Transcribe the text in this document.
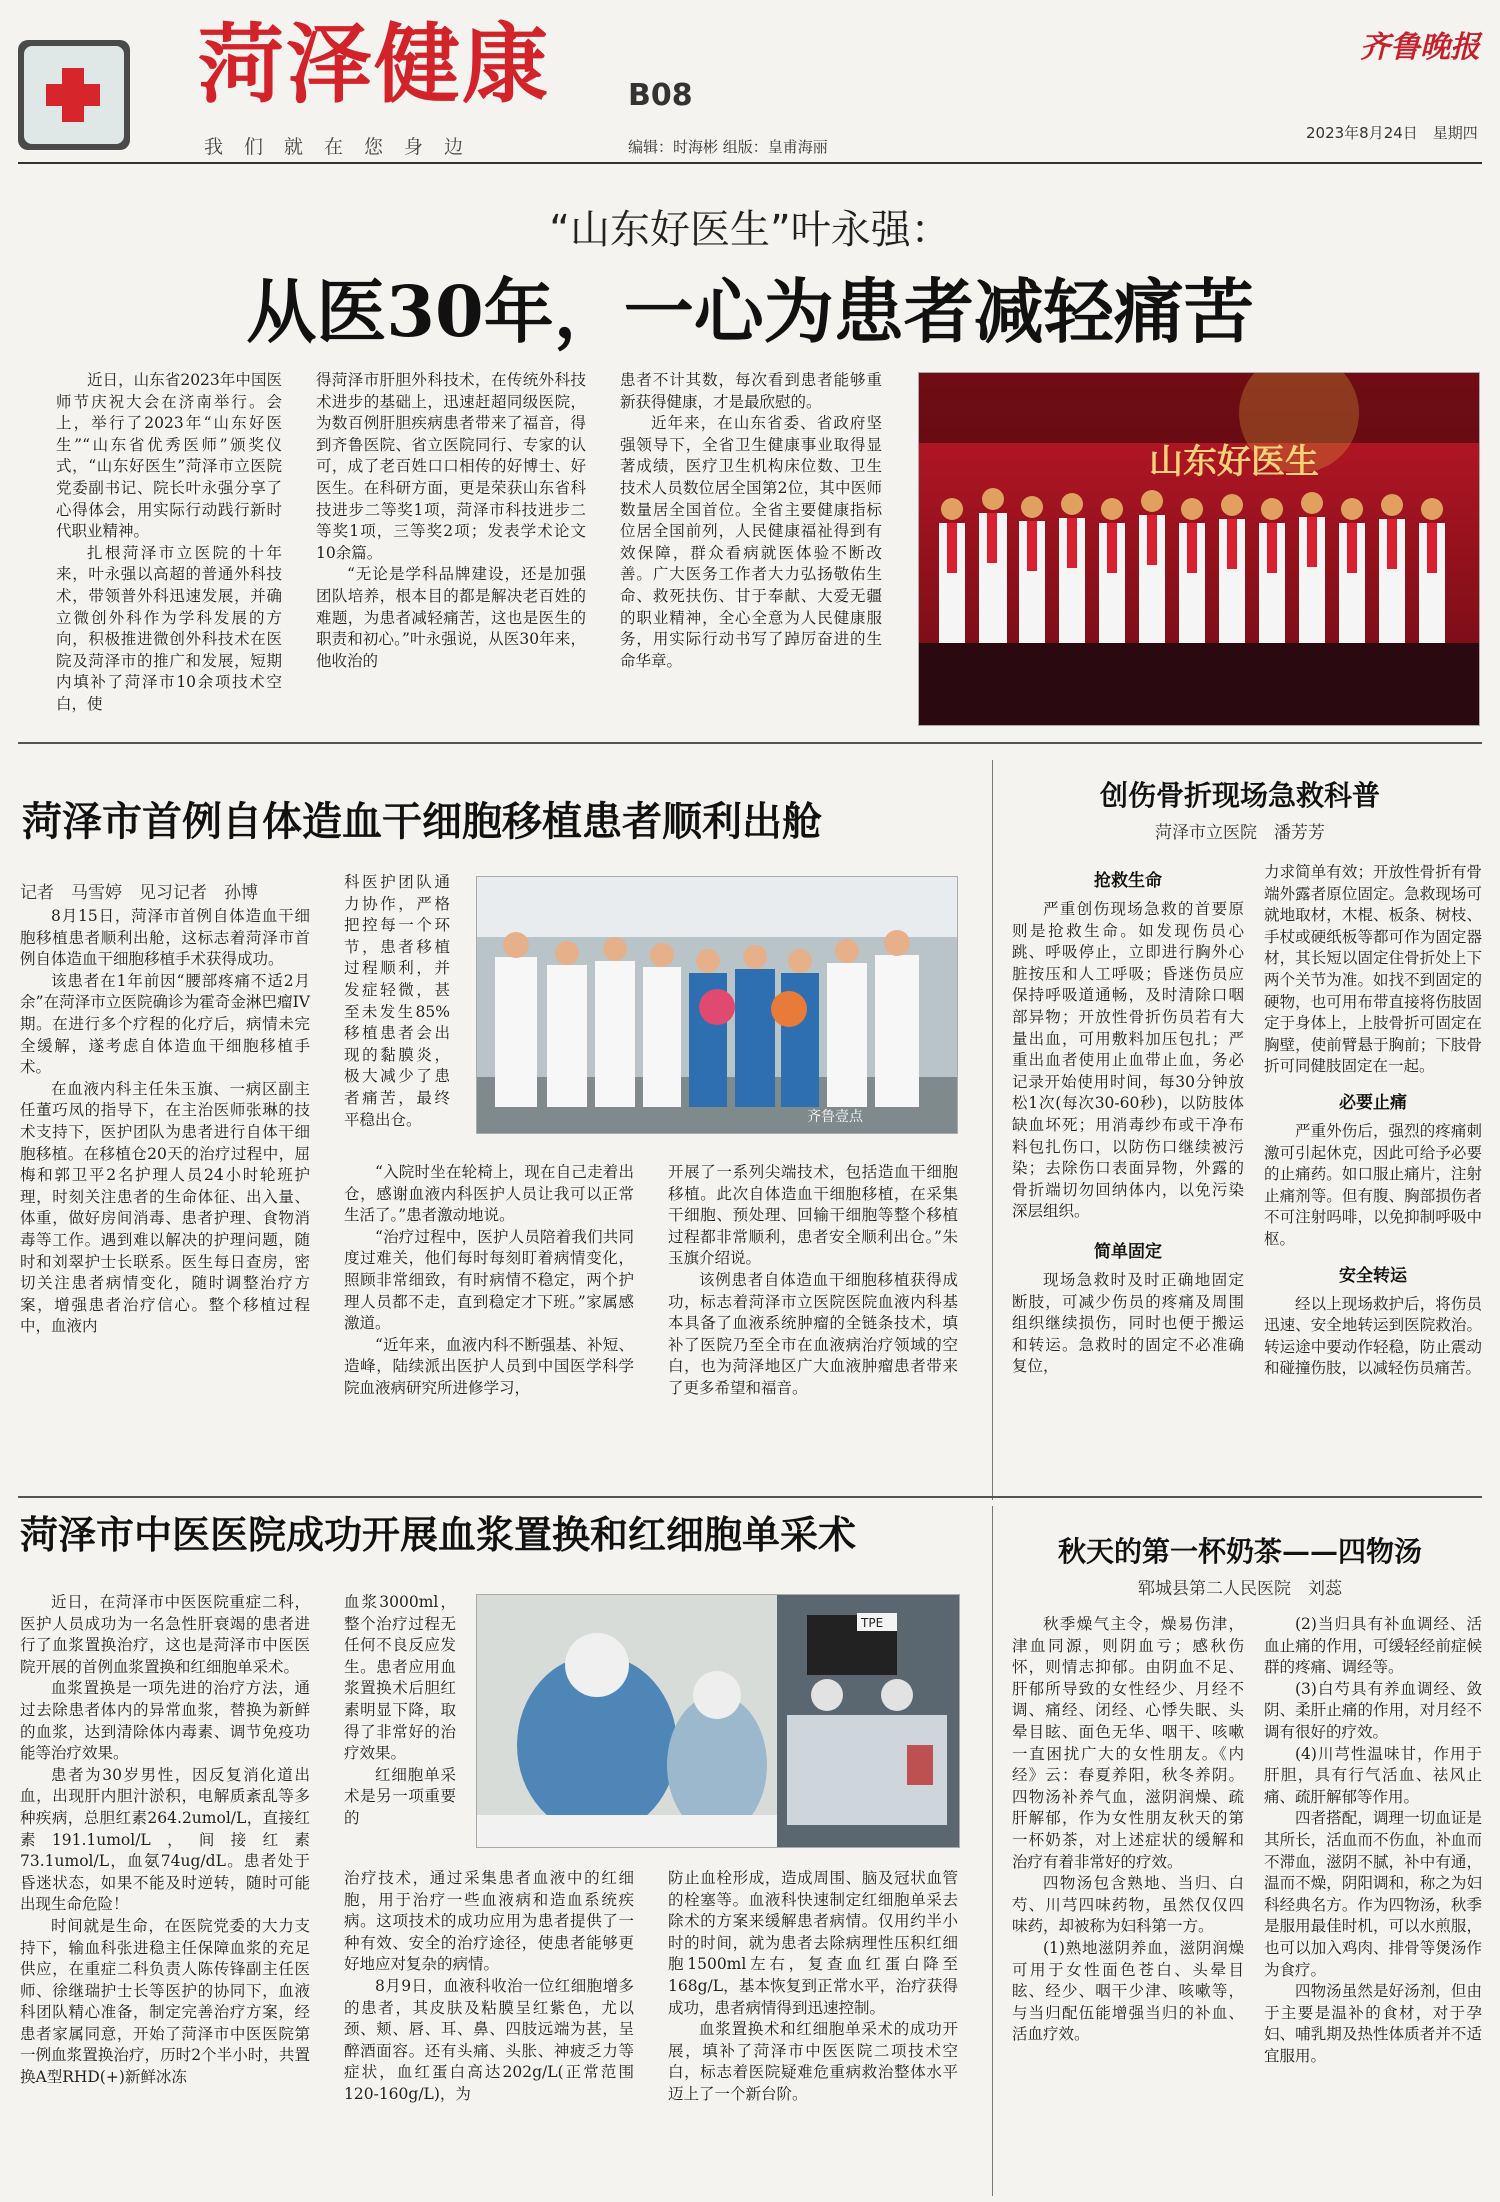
菏泽健康
我们就在您身边
B08
编辑：时海彬 组版：皇甫海丽
齐鲁晚报
2023年8月24日　星期四
“山东好医生”叶永强：
从医30年，一心为患者减轻痛苦

近日，山东省2023年中国医师节庆祝大会在济南举行。会上，举行了2023年“山东好医生”“山东省优秀医师”颁奖仪式，“山东好医生”菏泽市立医院党委副书记、院长叶永强分享了心得体会，用实际行动践行新时代职业精神。

扎根菏泽市立医院的十年来，叶永强以高超的普通外科技术，带领普外科迅速发展，并确立微创外科作为学科发展的方向，积极推进微创外科技术在医院及菏泽市的推广和发展，短期内填补了菏泽市10余项技术空白，使

得菏泽市肝胆外科技术，在传统外科技术进步的基础上，迅速赶超同级医院，为数百例肝胆疾病患者带来了福音，得到齐鲁医院、省立医院同行、专家的认可，成了老百姓口口相传的好博士、好医生。在科研方面，更是荣获山东省科技进步二等奖1项，菏泽市科技进步二等奖1项，三等奖2项；发表学术论文10余篇。

“无论是学科品牌建设，还是加强团队培养，根本目的都是解决老百姓的难题，为患者减轻痛苦，这也是医生的职责和初心。”叶永强说，从医30年来，他收治的

患者不计其数，每次看到患者能够重新获得健康，才是最欣慰的。

近年来，在山东省委、省政府坚强领导下，全省卫生健康事业取得显著成绩，医疗卫生机构床位数、卫生技术人员数位居全国第2位，其中医师数量居全国首位。全省主要健康指标位居全国前列，人民健康福祉得到有效保障，群众看病就医体验不断改善。广大医务工作者大力弘扬敬佑生命、救死扶伤、甘于奉献、大爱无疆的职业精神，全心全意为人民健康服务，用实际行动书写了踔厉奋进的生命华章。

山东好医生
菏泽市首例自体造血干细胞移植患者顺利出舱
记者　马雪婷　见习记者　孙博

8月15日，菏泽市首例自体造血干细胞移植患者顺利出舱，这标志着菏泽市首例自体造血干细胞移植手术获得成功。

该患者在1年前因“腰部疼痛不适2月余”在菏泽市立医院确诊为霍奇金淋巴瘤IV期。在进行多个疗程的化疗后，病情未完全缓解，遂考虑自体造血干细胞移植手术。

在血液内科主任朱玉旗、一病区副主任董巧凤的指导下，在主治医师张琳的技术支持下，医护团队为患者进行自体干细胞移植。在移植仓20天的治疗过程中，屈梅和郭卫平2名护理人员24小时轮班护理，时刻关注患者的生命体征、出入量、体重，做好房间消毒、患者护理、食物消毒等工作。遇到难以解决的护理问题，随时和刘翠护士长联系。医生每日查房，密切关注患者病情变化，随时调整治疗方案，增强患者治疗信心。整个移植过程中，血液内

科医护团队通力协作，严格把控每一个环节，患者移植过程顺利，并发症轻微，甚至未发生85%移植患者会出现的黏膜炎，极大减少了患者痛苦，最终平稳出仓。	齐鲁壹点

“入院时坐在轮椅上，现在自己走着出仓，感谢血液内科医护人员让我可以正常生活了。”患者激动地说。

“治疗过程中，医护人员陪着我们共同度过难关，他们每时每刻盯着病情变化，照顾非常细致，有时病情不稳定，两个护理人员都不走，直到稳定才下班。”家属感激道。

“近年来，血液内科不断强基、补短、造峰，陆续派出医护人员到中国医学科学院血液病研究所进修学习，

开展了一系列尖端技术，包括造血干细胞移植。此次自体造血干细胞移植，在采集干细胞、预处理、回输干细胞等整个移植过程都非常顺利，患者安全顺利出仓。”朱玉旗介绍说。

该例患者自体造血干细胞移植获得成功，标志着菏泽市立医院医院血液内科基本具备了血液系统肿瘤的全链条技术，填补了医院乃至全市在血液病治疗领域的空白，也为菏泽地区广大血液肿瘤患者带来了更多希望和福音。

创伤骨折现场急救科普
菏泽市立医院　潘芳芳
抢救生命

严重创伤现场急救的首要原则是抢救生命。如发现伤员心跳、呼吸停止，立即进行胸外心脏按压和人工呼吸；昏迷伤员应保持呼吸道通畅，及时清除口咽部异物；开放性骨折伤员若有大量出血，可用敷料加压包扎；严重出血者使用止血带止血，务必记录开始使用时间，每30分钟放松1次(每次30-60秒)，以防肢体缺血坏死；用消毒纱布或干净布料包扎伤口，以防伤口继续被污染；去除伤口表面异物，外露的骨折端切勿回纳体内，以免污染深层组织。

简单固定

现场急救时及时正确地固定断肢，可减少伤员的疼痛及周围组织继续损伤，同时也便于搬运和转运。急救时的固定不必准确复位，

力求简单有效；开放性骨折有骨端外露者原位固定。急救现场可就地取材，木棍、板条、树枝、手杖或硬纸板等都可作为固定器材，其长短以固定住骨折处上下两个关节为准。如找不到固定的硬物，也可用布带直接将伤肢固定于身体上，上肢骨折可固定在胸壁，使前臂悬于胸前；下肢骨折可同健肢固定在一起。

必要止痛

严重外伤后，强烈的疼痛刺激可引起休克，因此可给予必要的止痛药。如口服止痛片，注射止痛剂等。但有腹、胸部损伤者不可注射吗啡，以免抑制呼吸中枢。

安全转运

经以上现场救护后，将伤员迅速、安全地转运到医院救治。转运途中要动作轻稳，防止震动和碰撞伤肢，以减轻伤员痛苦。

菏泽市中医医院成功开展血浆置换和红细胞单采术

近日，在菏泽市中医医院重症二科，医护人员成功为一名急性肝衰竭的患者进行了血浆置换治疗，这也是菏泽市中医医院开展的首例血浆置换和红细胞单采术。

血浆置换是一项先进的治疗方法，通过去除患者体内的异常血浆，替换为新鲜的血浆，达到清除体内毒素、调节免疫功能等治疗效果。

患者为30岁男性，因反复消化道出血，出现肝内胆汁淤积，电解质紊乱等多种疾病，总胆红素264.2umol/L，直接红素191.1umol/L，间接红素73.1umol/L，血氨74ug/dL。患者处于昏迷状态，如果不能及时逆转，随时可能出现生命危险！

时间就是生命，在医院党委的大力支持下，输血科张进稳主任保障血浆的充足供应，在重症二科负责人陈传锋副主任医师、徐继瑞护士长等医护的协同下，血液科团队精心准备，制定完善治疗方案，经患者家属同意，开始了菏泽市中医医院第一例血浆置换治疗，历时2个半小时，共置换A型RHD(+)新鲜冰冻

血浆3000ml，整个治疗过程无任何不良反应发生。患者应用血浆置换术后胆红素明显下降，取得了非常好的治疗效果。

红细胞单采术是另一项重要的

TPE

治疗技术，通过采集患者血液中的红细胞，用于治疗一些血液病和造血系统疾病。这项技术的成功应用为患者提供了一种有效、安全的治疗途径，使患者能够更好地应对复杂的病情。

8月9日，血液科收治一位红细胞增多的患者，其皮肤及粘膜呈红紫色，尤以颈、颊、唇、耳、鼻、四肢远端为甚，呈醉酒面容。还有头痛、头胀、神疲乏力等症状，血红蛋白高达202g/L(正常范围120-160g/L)，为

防止血栓形成，造成周围、脑及冠状血管的栓塞等。血液科快速制定红细胞单采去除术的方案来缓解患者病情。仅用约半小时的时间，就为患者去除病理性压积红细胞1500ml左右，复查血红蛋白降至168g/L，基本恢复到正常水平，治疗获得成功，患者病情得到迅速控制。

血浆置换术和红细胞单采术的成功开展，填补了菏泽市中医医院二项技术空白，标志着医院疑难危重病救治整体水平迈上了一个新台阶。

秋天的第一杯奶茶——四物汤
郓城县第二人民医院　刘蕊

秋季燥气主令，燥易伤津，津血同源，则阴血亏；感秋伤怀，则情志抑郁。由阴血不足、肝郁所导致的女性经少、月经不调、痛经、闭经、心悸失眠、头晕目眩、面色无华、咽干、咳嗽一直困扰广大的女性朋友。《内经》云：春夏养阳，秋冬养阴。四物汤补养气血，滋阴润燥、疏肝解郁，作为女性朋友秋天的第一杯奶茶，对上述症状的缓解和治疗有着非常好的疗效。

四物汤包含熟地、当归、白芍、川芎四味药物，虽然仅仅四味药，却被称为妇科第一方。

(1)熟地滋阴养血，滋阴润燥可用于女性面色苍白、头晕目眩、经少、咽干少津、咳嗽等，与当归配伍能增强当归的补血、活血疗效。

(2)当归具有补血调经、活血止痛的作用，可缓轻经前症候群的疼痛、调经等。

(3)白芍具有养血调经、敛阴、柔肝止痛的作用，对月经不调有很好的疗效。

(4)川芎性温味甘，作用于肝胆，具有行气活血、祛风止痛、疏肝解郁等作用。

四者搭配，调理一切血证是其所长，活血而不伤血，补血而不滞血，滋阴不腻，补中有通，温而不燥，阴阳调和，称之为妇科经典名方。作为四物汤，秋季是服用最佳时机，可以水煎服，也可以加入鸡肉、排骨等煲汤作为食疗。

四物汤虽然是好汤剂，但由于主要是温补的食材，对于孕妇、哺乳期及热性体质者并不适宜服用。
